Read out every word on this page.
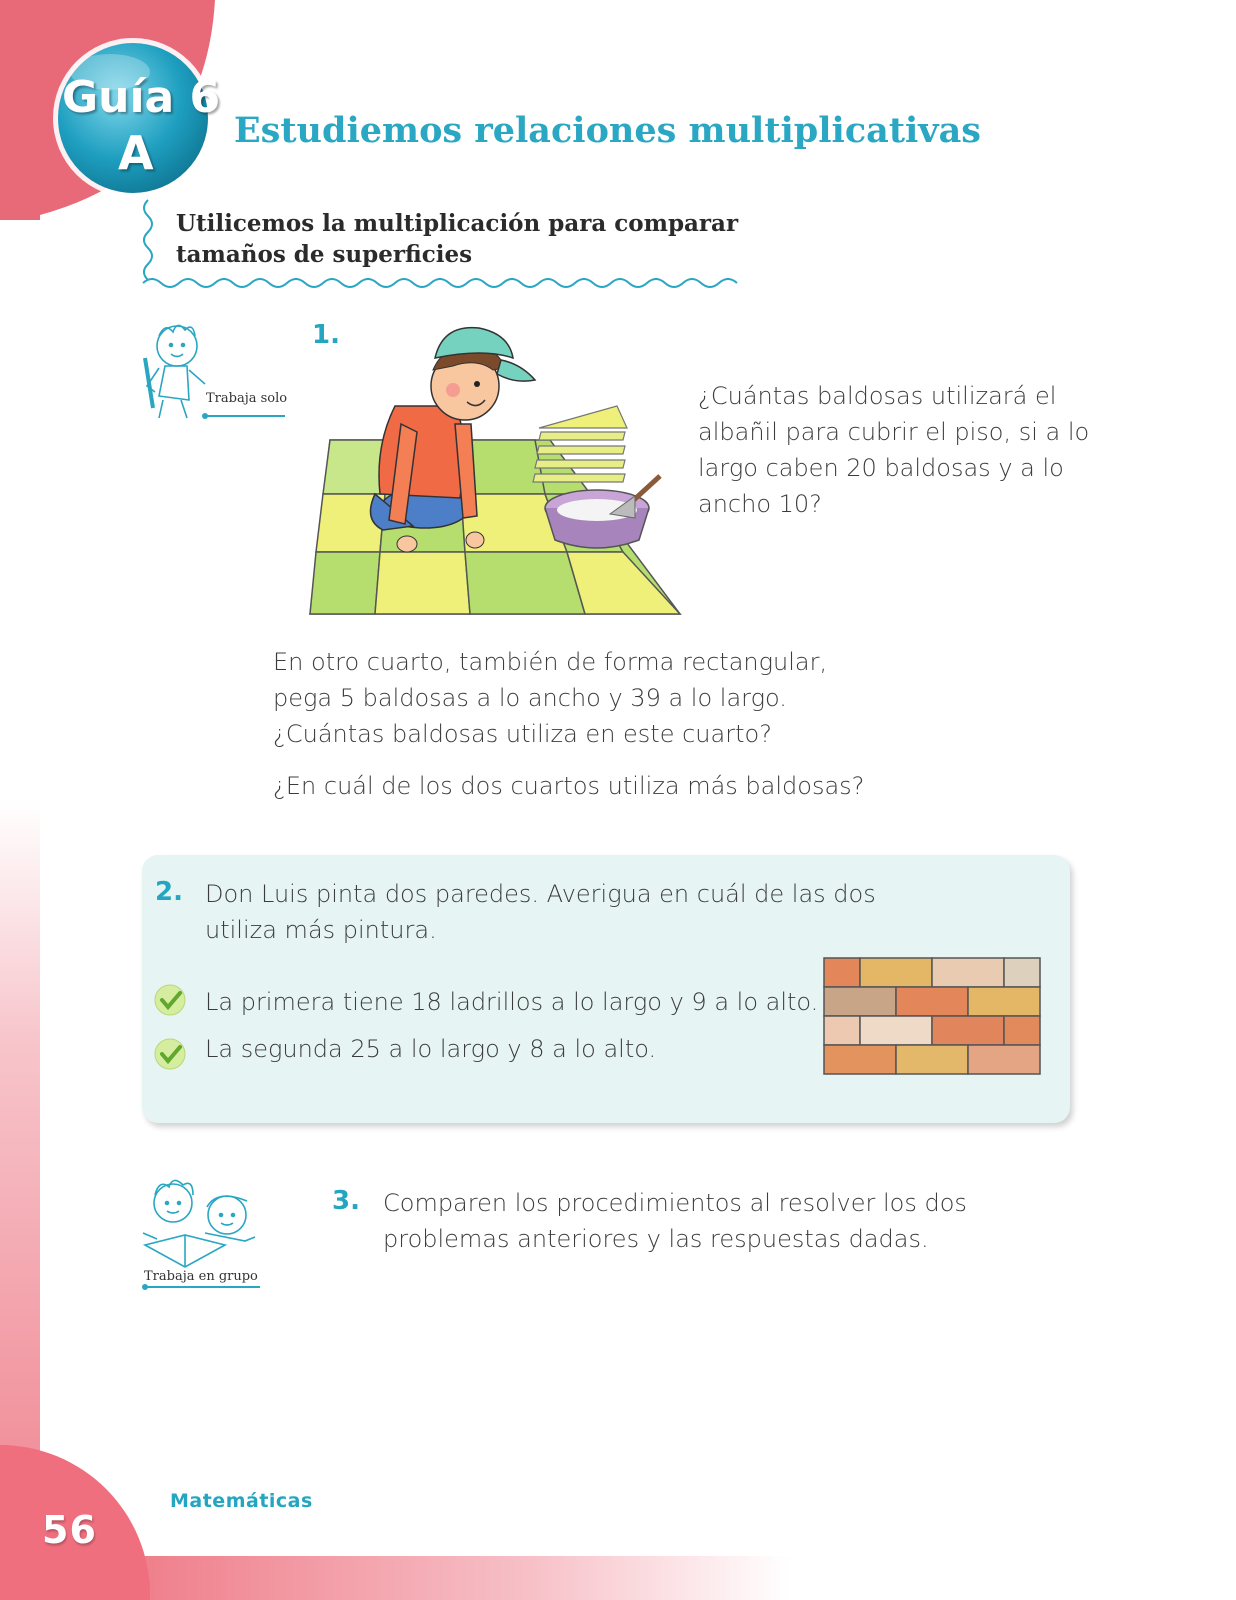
Guía 6
A Estudiemos relaciones multiplicativas
Utilicemos la multiplicación para comparar tamaños de superficies
Trabaja solo
1.
¿Cuántas baldosas utilizará el albañil para cubrir el piso, si a lo largo caben 20 baldosas y a lo ancho 10?
En otro cuarto, también de forma rectangular, pega 5 baldosas a lo ancho y 39 a lo largo. ¿Cuántas baldosas utiliza en este cuarto?
¿En cuál de los dos cuartos utiliza más baldosas?
2. Don Luis pinta dos paredes. Averigua en cuál de las dos utiliza más pintura.
La primera tiene 18 ladrillos a lo largo y 9 a lo alto.
La segunda 25 a lo largo y 8 a lo alto.
Trabaja en grupo
3. Comparen los procedimientos al resolver los dos problemas anteriores y las respuestas dadas.
56
Matemáticas
